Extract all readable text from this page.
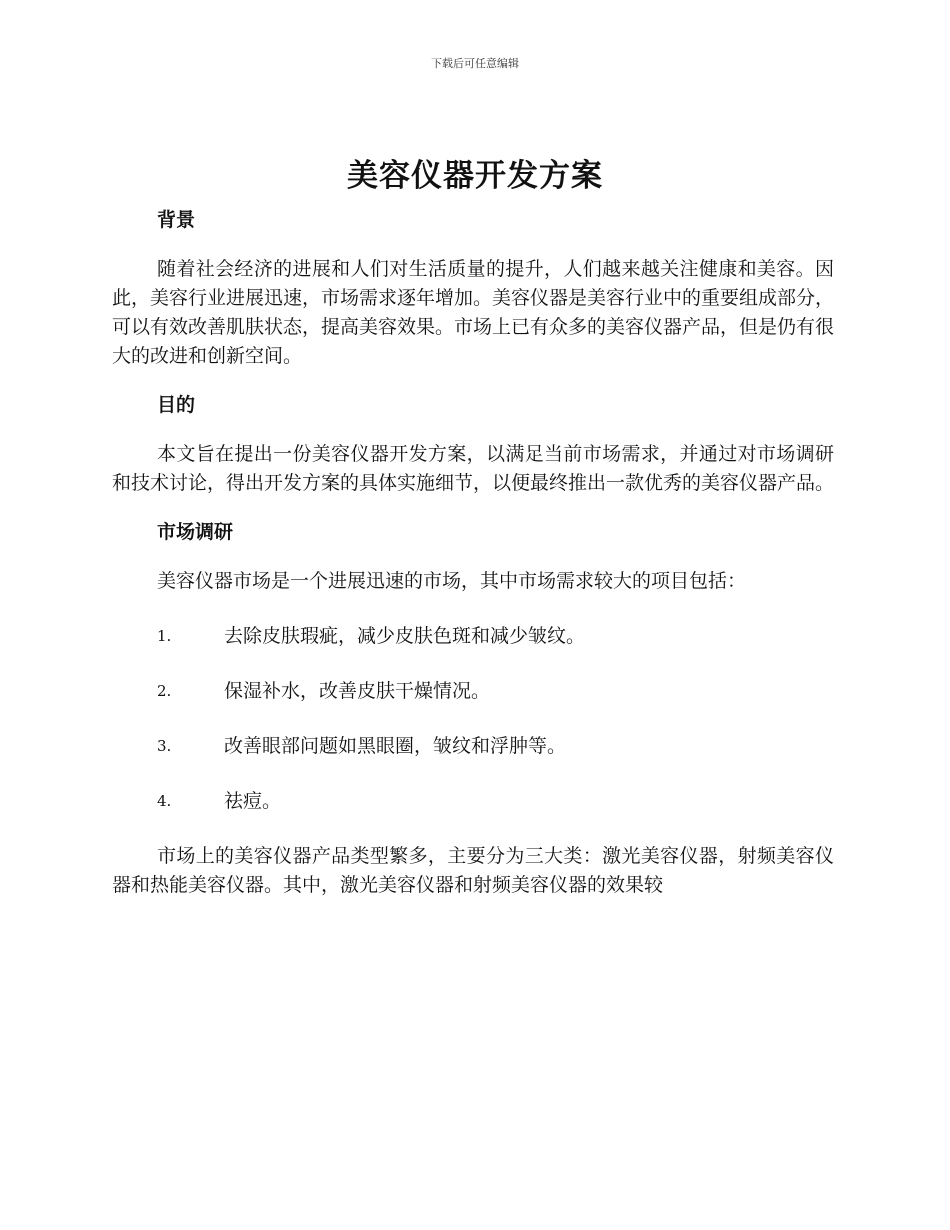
下载后可任意编辑
美容仪器开发方案
背景

随着社会经济的进展和人们对生活质量的提升，人们越来越关注健康和美容。因此，美容行业进展迅速，市场需求逐年增加。美容仪器是美容行业中的重要组成部分，可以有效改善肌肤状态，提高美容效果。市场上已有众多的美容仪器产品，但是仍有很大的改进和创新空间。

目的

本文旨在提出一份美容仪器开发方案，以满足当前市场需求，并通过对市场调研和技术讨论，得出开发方案的具体实施细节，以便最终推出一款优秀的美容仪器产品。

市场调研

美容仪器市场是一个进展迅速的市场，其中市场需求较大的项目包括：

1.	去除皮肤瑕疵，减少皮肤色斑和减少皱纹。
2.	保湿补水，改善皮肤干燥情况。
3.	改善眼部问题如黑眼圈，皱纹和浮肿等。
4.	祛痘。

市场上的美容仪器产品类型繁多，主要分为三大类：激光美容仪器，射频美容仪器和热能美容仪器。其中，激光美容仪器和射频美容仪器的效果较
